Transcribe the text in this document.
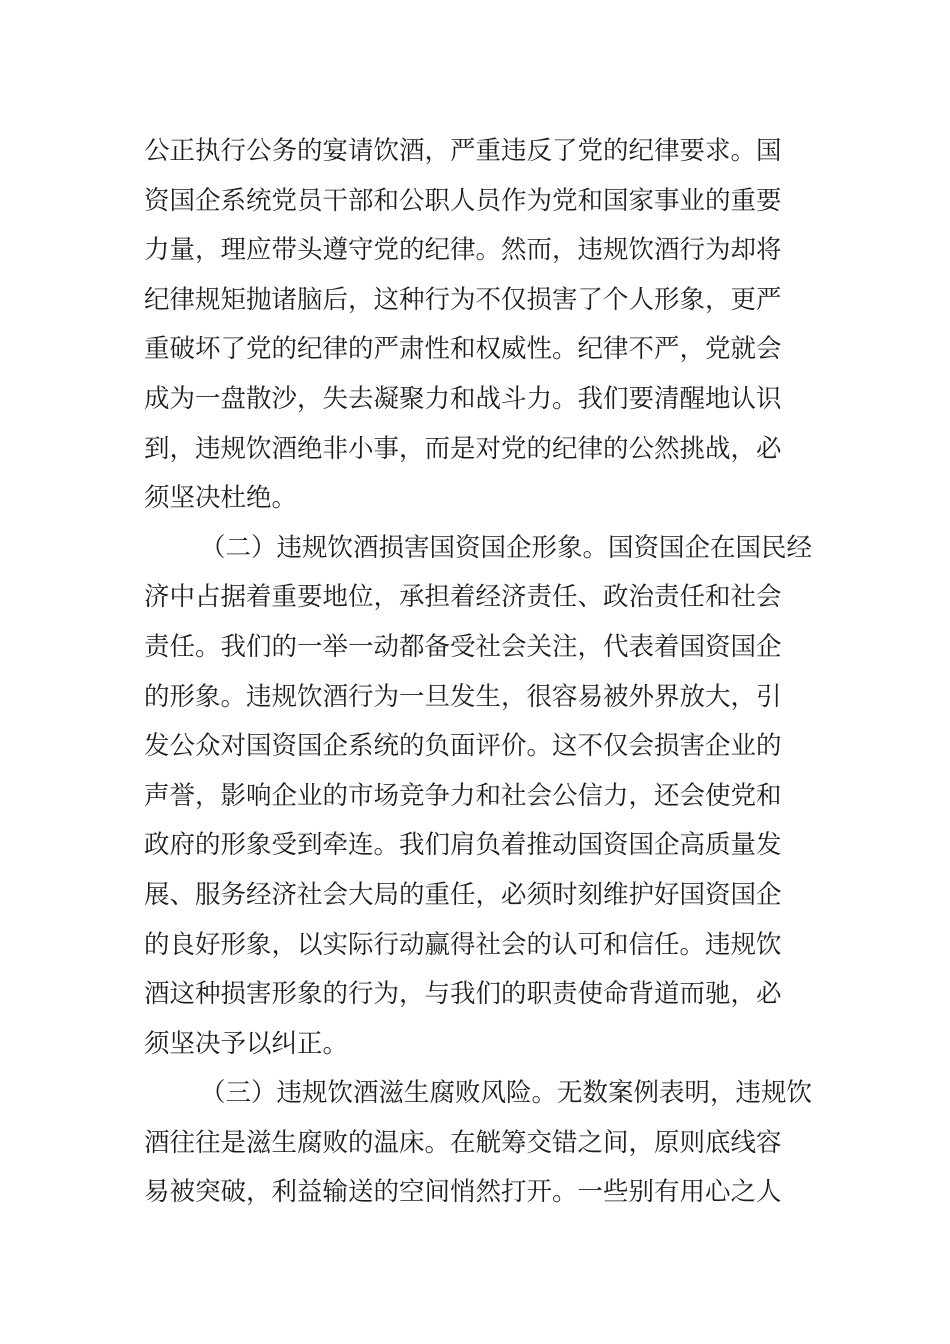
公正执行公务的宴请饮酒，严重违反了党的纪律要求。国
资国企系统党员干部和公职人员作为党和国家事业的重要
力量，理应带头遵守党的纪律。然而，违规饮酒行为却将
纪律规矩抛诸脑后，这种行为不仅损害了个人形象，更严
重破坏了党的纪律的严肃性和权威性。纪律不严，党就会
成为一盘散沙，失去凝聚力和战斗力。我们要清醒地认识
到，违规饮酒绝非小事，而是对党的纪律的公然挑战，必
须坚决杜绝。
（二）违规饮酒损害国资国企形象。国资国企在国民经
济中占据着重要地位，承担着经济责任、政治责任和社会
责任。我们的一举一动都备受社会关注，代表着国资国企
的形象。违规饮酒行为一旦发生，很容易被外界放大，引
发公众对国资国企系统的负面评价。这不仅会损害企业的
声誉，影响企业的市场竞争力和社会公信力，还会使党和
政府的形象受到牵连。我们肩负着推动国资国企高质量发
展、服务经济社会大局的重任，必须时刻维护好国资国企
的良好形象，以实际行动赢得社会的认可和信任。违规饮
酒这种损害形象的行为，与我们的职责使命背道而驰，必
须坚决予以纠正。
（三）违规饮酒滋生腐败风险。无数案例表明，违规饮
酒往往是滋生腐败的温床。在觥筹交错之间，原则底线容
易被突破，利益输送的空间悄然打开。一些别有用心之人
